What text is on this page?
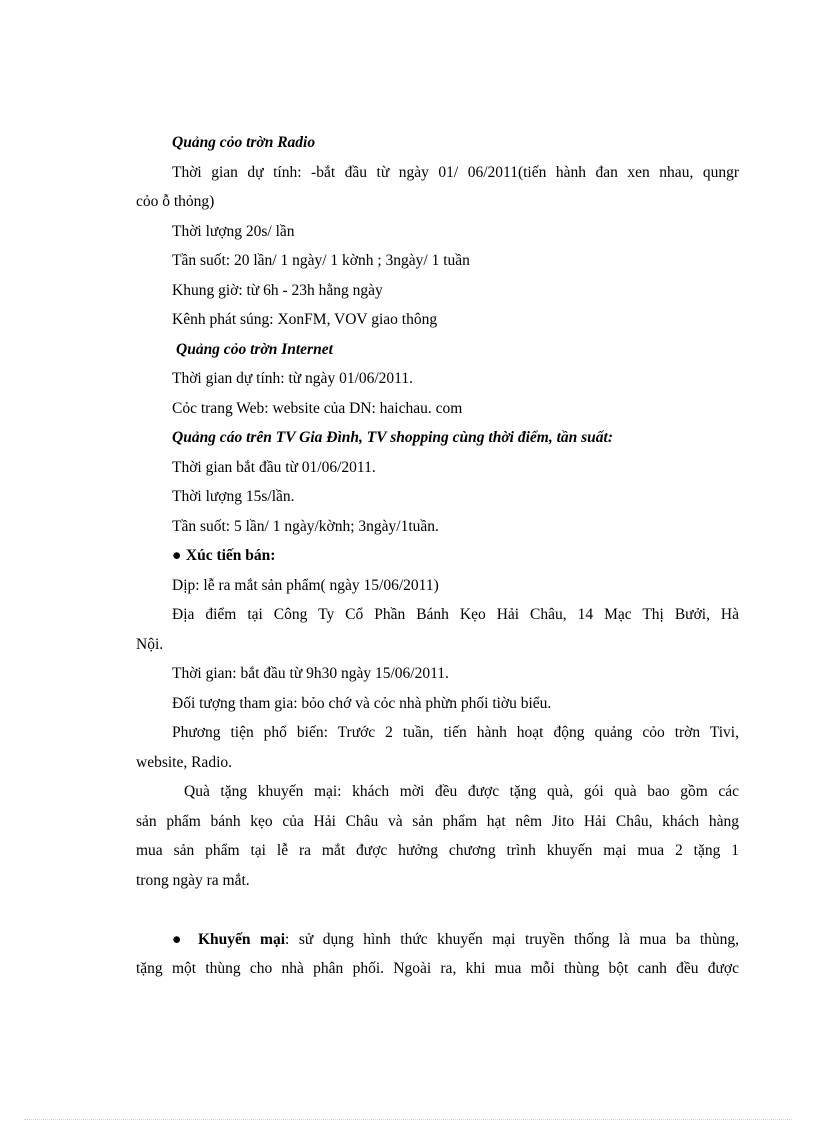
Quảng cỏo trờn Radio
Thời gian dự tính: -bắt đầu từ ngày 01/ 06/2011(tiến hành đan xen nhau, qungr
cỏo ỗ thỏng)
Thời lượng 20s/ lần
Tần suốt: 20 lần/ 1 ngày/ 1 kờnh ; 3ngày/ 1 tuần
Khung giờ: từ 6h - 23h hằng ngày
Kênh phát súng: XonFM, VOV giao thông
Quảng cỏo trờn Internet
Thời gian dự tính: từ ngày 01/06/2011.
Cỏc trang Web: website của DN: haichau. com
Quảng cáo trên TV Gia Đình, TV shopping cùng thời điểm, tần suất:
Thời gian bắt đầu từ 01/06/2011.
Thời lượng 15s/lần.
Tần suốt: 5 lần/ 1 ngày/kờnh; 3ngày/1tuần.
● Xúc tiến bán:
Dịp: lễ ra mắt sản phẩm( ngày 15/06/2011)
Địa điểm tại Công Ty Cổ Phần Bánh Kẹo Hải Châu, 14 Mạc Thị Bưởi, Hà
Nội.
Thời gian: bắt đầu từ 9h30 ngày 15/06/2011.
Đối tượng tham gia: bỏo chớ và cỏc nhà phừn phối tiờu biểu.
Phương tiện phổ biến: Trước 2 tuần, tiến hành hoạt động quảng cỏo trờn Tivi,
website, Radio.
Quà tặng khuyến mại: khách mời đều được tặng quà, gói quà bao gồm các
sản phẩm bánh kẹo của Hải Châu và sản phẩm hạt nêm Jito Hải Châu, khách hàng
mua sản phẩm tại lễ ra mắt được hưởng chương trình khuyến mại mua 2 tặng 1
trong ngày ra mắt.
● Khuyến mại: sử dụng hình thức khuyến mại truyền thống là mua ba thùng,
tặng một thùng cho nhà phân phối. Ngoài ra, khi mua mỗi thùng bột canh đều được
